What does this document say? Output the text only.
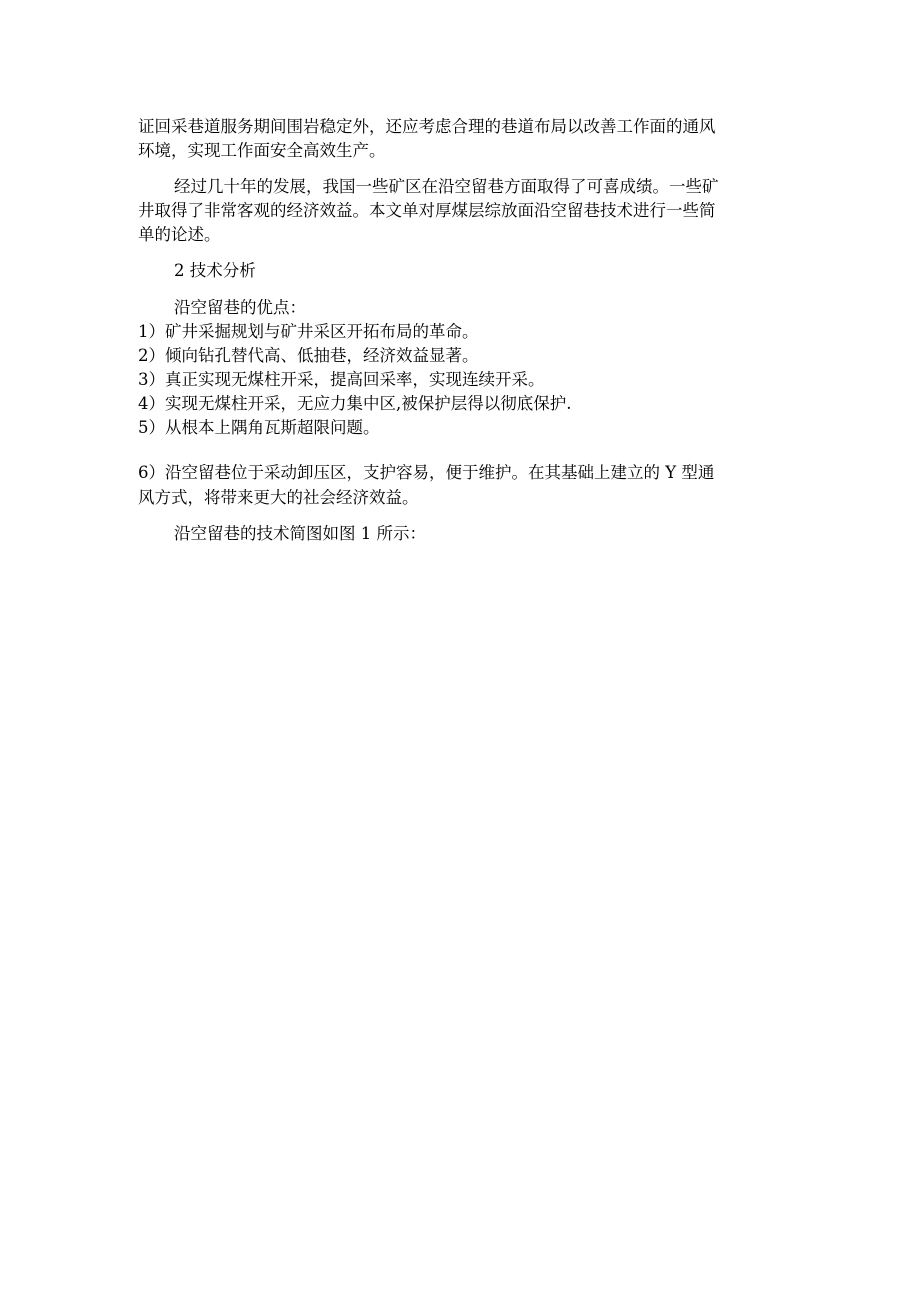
证回采巷道服务期间围岩稳定外，还应考虑合理的巷道布局以改善工作面的通风
环境，实现工作面安全高效生产。
经过几十年的发展，我国一些矿区在沿空留巷方面取得了可喜成绩。一些矿
井取得了非常客观的经济效益。本文单对厚煤层综放面沿空留巷技术进行一些简
单的论述。
2 技术分析
沿空留巷的优点：
1）矿井采掘规划与矿井采区开拓布局的革命。
2）倾向钻孔替代高、低抽巷，经济效益显著。
3）真正实现无煤柱开采，提高回采率，实现连续开采。
4）实现无煤柱开采，无应力集中区,被保护层得以彻底保护.
5）从根本上隅角瓦斯超限问题。
6）沿空留巷位于采动卸压区，支护容易，便于维护。在其基础上建立的 Y 型通
风方式，将带来更大的社会经济效益。
沿空留巷的技术简图如图 1 所示：
